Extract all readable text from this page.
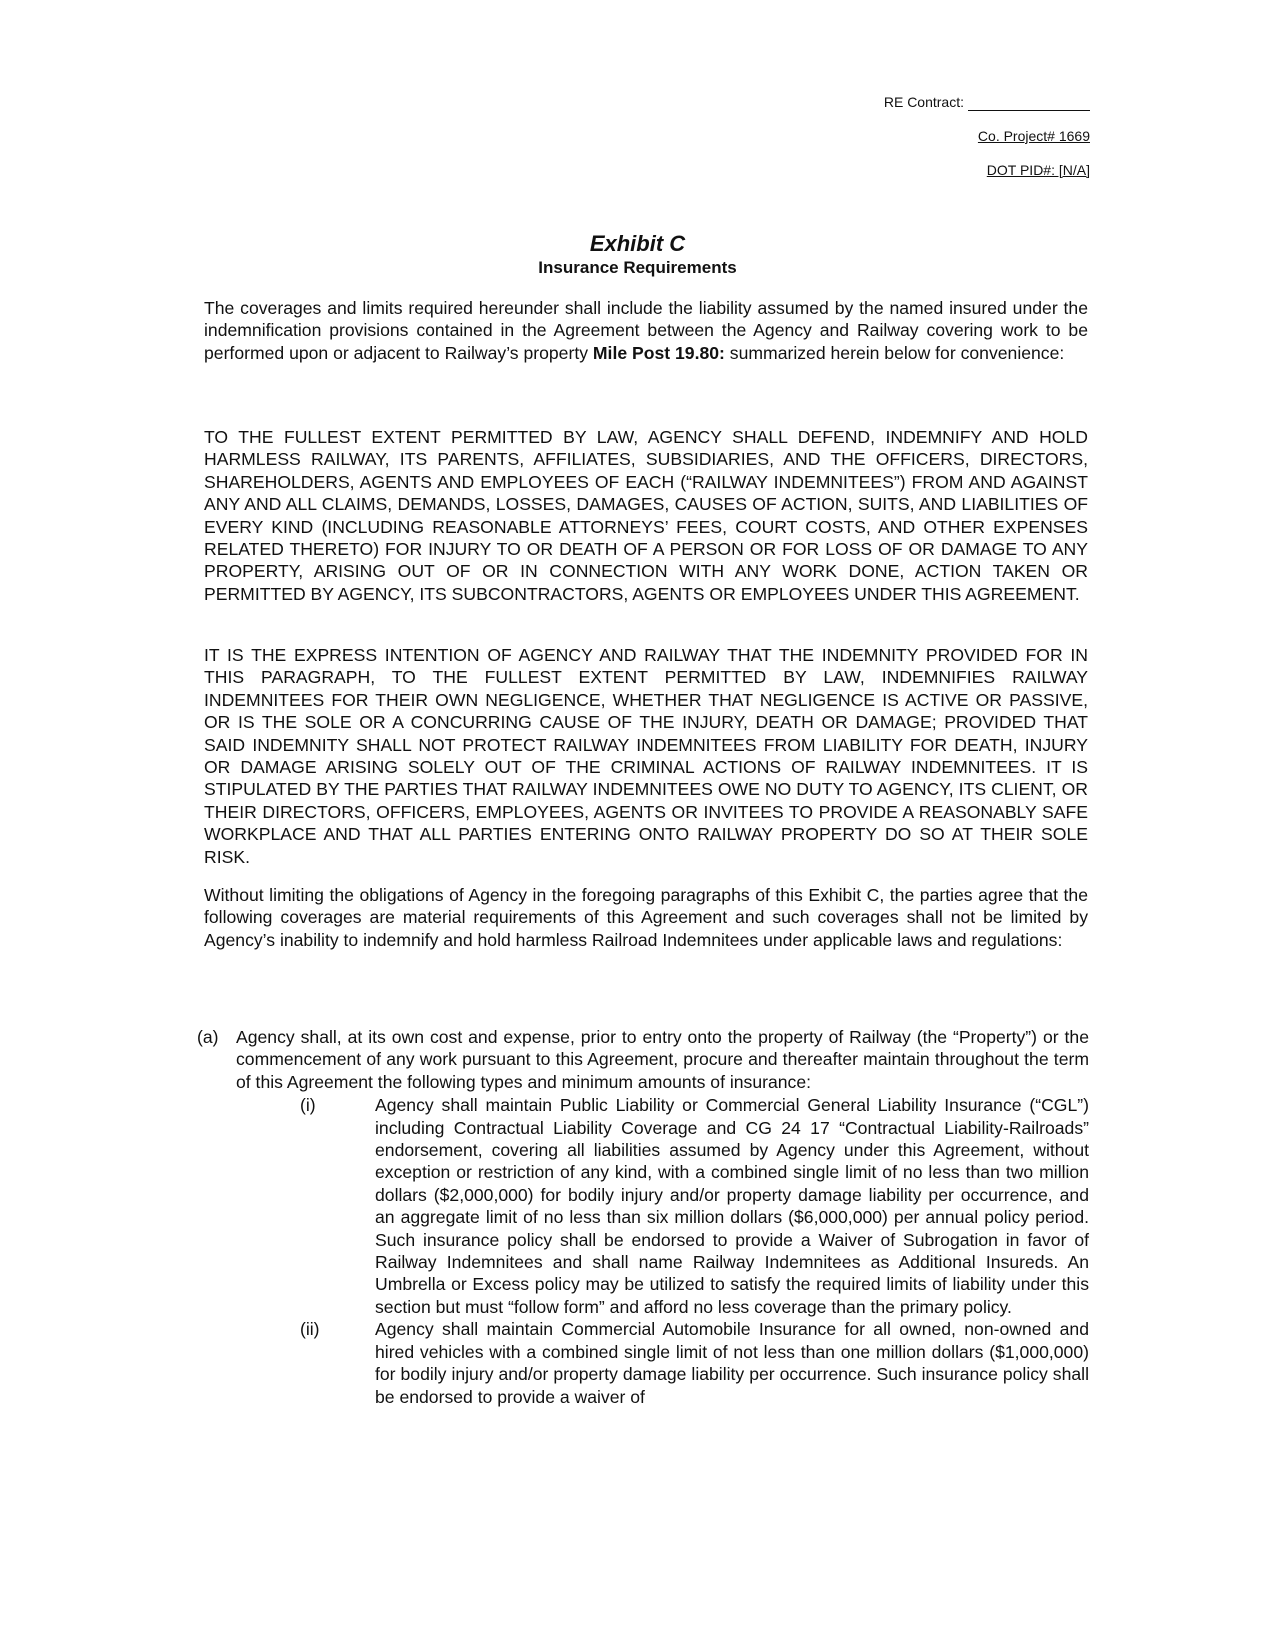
RE Contract:
Co. Project# 1669
DOT PID#: [N/A]
Exhibit C
Insurance Requirements
The coverages and limits required hereunder shall include the liability assumed by the named insured under the indemnification provisions contained in the Agreement between the Agency and Railway covering work to be performed upon or adjacent to Railway’s property Mile Post 19.80: summarized herein below for convenience:
TO THE FULLEST EXTENT PERMITTED BY LAW, AGENCY SHALL DEFEND, INDEMNIFY AND HOLD HARMLESS RAILWAY, ITS PARENTS, AFFILIATES, SUBSIDIARIES, AND THE OFFICERS, DIRECTORS, SHAREHOLDERS, AGENTS AND EMPLOYEES OF EACH (“RAILWAY INDEMNITEES”) FROM AND AGAINST ANY AND ALL CLAIMS, DEMANDS, LOSSES, DAMAGES, CAUSES OF ACTION, SUITS, AND LIABILITIES OF EVERY KIND (INCLUDING REASONABLE ATTORNEYS’ FEES, COURT COSTS, AND OTHER EXPENSES RELATED THERETO) FOR INJURY TO OR DEATH OF A PERSON OR FOR LOSS OF OR DAMAGE TO ANY PROPERTY, ARISING OUT OF OR IN CONNECTION WITH ANY WORK DONE, ACTION TAKEN OR PERMITTED BY AGENCY, ITS SUBCONTRACTORS, AGENTS OR EMPLOYEES UNDER THIS AGREEMENT.
IT IS THE EXPRESS INTENTION OF AGENCY AND RAILWAY THAT THE INDEMNITY PROVIDED FOR IN THIS PARAGRAPH, TO THE FULLEST EXTENT PERMITTED BY LAW, INDEMNIFIES RAILWAY INDEMNITEES FOR THEIR OWN NEGLIGENCE, WHETHER THAT NEGLIGENCE IS ACTIVE OR PASSIVE, OR IS THE SOLE OR A CONCURRING CAUSE OF THE INJURY, DEATH OR DAMAGE; PROVIDED THAT SAID INDEMNITY SHALL NOT PROTECT RAILWAY INDEMNITEES FROM LIABILITY FOR DEATH, INJURY OR DAMAGE ARISING SOLELY OUT OF THE CRIMINAL ACTIONS OF RAILWAY INDEMNITEES. IT IS STIPULATED BY THE PARTIES THAT RAILWAY INDEMNITEES OWE NO DUTY TO AGENCY, ITS CLIENT, OR THEIR DIRECTORS, OFFICERS, EMPLOYEES, AGENTS OR INVITEES TO PROVIDE A REASONABLY SAFE WORKPLACE AND THAT ALL PARTIES ENTERING ONTO RAILWAY PROPERTY DO SO AT THEIR SOLE RISK.
Without limiting the obligations of Agency in the foregoing paragraphs of this Exhibit C, the parties agree that the following coverages are material requirements of this Agreement and such coverages shall not be limited by Agency’s inability to indemnify and hold harmless Railroad Indemnitees under applicable laws and regulations:
(a) Agency shall, at its own cost and expense, prior to entry onto the property of Railway (the “Property”) or the commencement of any work pursuant to this Agreement, procure and thereafter maintain throughout the term of this Agreement the following types and minimum amounts of insurance:
(i)	Agency shall maintain Public Liability or Commercial General Liability Insurance (“CGL”) including Contractual Liability Coverage and CG 24 17 “Contractual Liability-Railroads” endorsement, covering all liabilities assumed by Agency under this Agreement, without exception or restriction of any kind, with a combined single limit of no less than two million dollars ($2,000,000) for bodily injury and/or property damage liability per occurrence, and an aggregate limit of no less than six million dollars ($6,000,000) per annual policy period. Such insurance policy shall be endorsed to provide a Waiver of Subrogation in favor of Railway Indemnitees and shall name Railway Indemnitees as Additional Insureds. An Umbrella or Excess policy may be utilized to satisfy the required limits of liability under this section but must “follow form” and afford no less coverage than the primary policy.
(ii)	Agency shall maintain Commercial Automobile Insurance for all owned, non-owned and hired vehicles with a combined single limit of not less than one million dollars ($1,000,000) for bodily injury and/or property damage liability per occurrence. Such insurance policy shall be endorsed to provide a waiver of
